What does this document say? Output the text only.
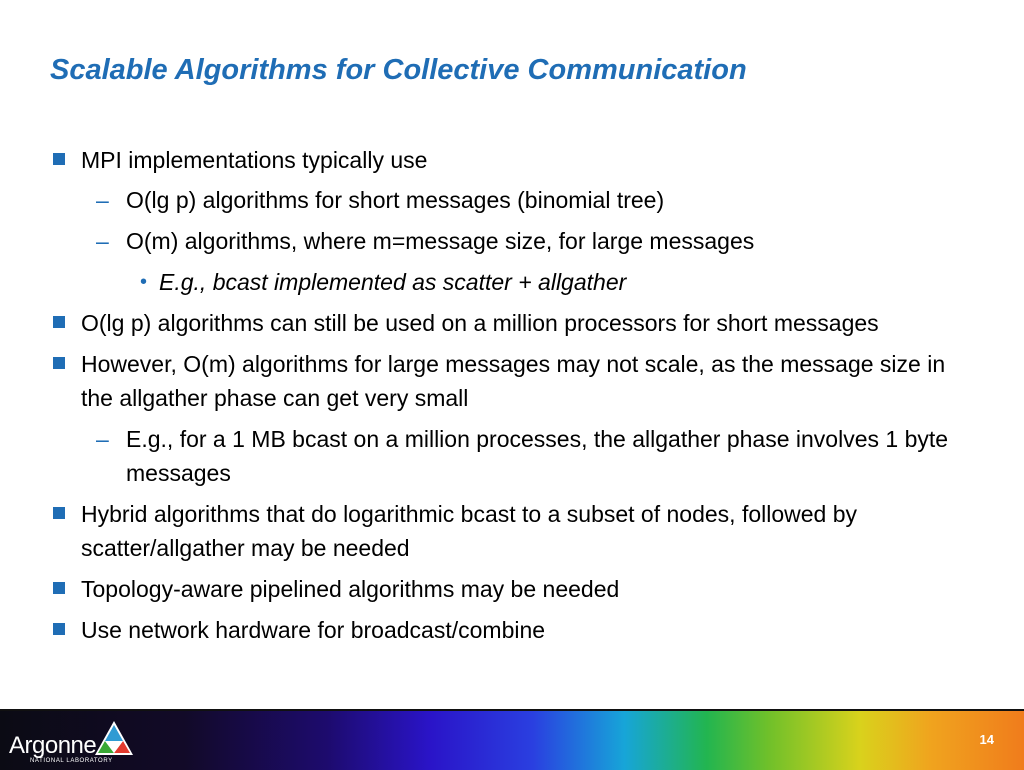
Scalable Algorithms for Collective Communication
MPI implementations typically use
– O(lg p) algorithms for short messages (binomial tree)
– O(m) algorithms, where m=message size, for large messages
• E.g., bcast implemented as scatter + allgather
O(lg p) algorithms can still be used on a million processors for short messages
However, O(m) algorithms for large messages may not scale, as the message size in the allgather phase can get very small
– E.g., for a 1 MB bcast on a million processes, the allgather phase involves 1 byte messages
Hybrid algorithms that do logarithmic bcast to a subset of nodes, followed by scatter/allgather may be needed
Topology-aware pipelined algorithms may be needed
Use network hardware for broadcast/combine
Argonne
NATIONAL LABORATORY
14
